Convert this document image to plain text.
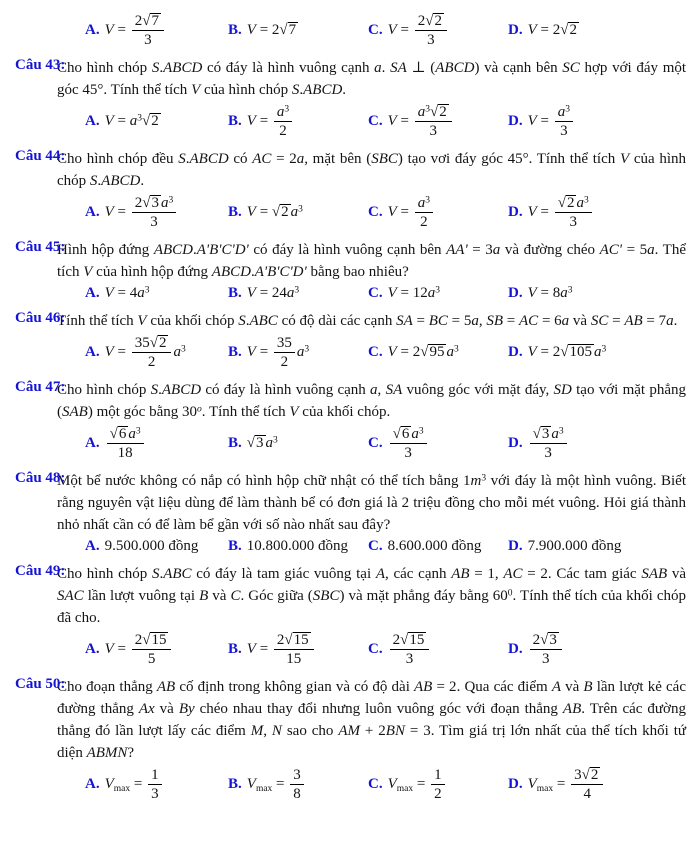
A. $V = \frac{2√7}{3}$	B. V = 2√7	C. $V = \frac{2√2}{3}$	D. V = 2√2
Câu 43:
Cho hình chóp S.ABCD có đáy là hình vuông cạnh a. SA ⊥ (ABCD) và cạnh bên SC hợp với đáy một góc 45°. Tính thể tích V của hình chóp S.ABCD.
A. $V = a^3√2$	B. $V = \frac{a^3}{2}$	C. $V = \frac{a^3√2}{3}$	D. $V = \frac{a^3}{3}$
Câu 44:
Cho hình chóp đều S.ABCD có AC = 2a, mặt bên (SBC) tạo vơi đáy góc 45°. Tính thể tích V của hình chóp S.ABCD.
A. $V = \frac{2√3 a^3}{3}$	B. V = √2 $a^3$	C. $V = \frac{a^3}{2}$	D. $V = \frac{√2 a^3}{3}$
Câu 45:
Hình hộp đứng ABCD.A'B'C'D' có đáy là hình vuông cạnh bên AA' = 3a và đường chéo AC' = 5a. Thể tích V của hình hộp đứng ABCD.A'B'C'D' bằng bao nhiêu?
A. $V = 4a^3$	B. $V = 24a^3$	C. $V = 12a^3$	D. $V = 8a^3$
Câu 46:
Tính thể tích V của khối chóp S.ABC có độ dài các cạnh SA = BC = 5a, SB = AC = 6a và SC = AB = 7a.
A. $V = \frac{35√2}{2} a^3$	B. $V = \frac{35}{2} a^3$	C. V = 2√95 $a^3$	D. V = 2√105 $a^3$
Câu 47:
Cho hình chóp S.ABCD có đáy là hình vuông cạnh a, SA vuông góc với mặt đáy, SD tạo với mặt phẳng (SAB) một góc bằng 30$^o$. Tính thể tích V của khối chóp.
A. $\frac{√6 a^3}{18}$	B. √3 $a^3$	C. $\frac{√6 a^3}{3}$	D. $\frac{√3 a^3}{3}$
Câu 48:
Một bể nước không có nắp có hình hộp chữ nhật có thể tích bằng $1m^3$ với đáy là một hình vuông. Biết rằng nguyên vật liệu dùng để làm thành bể có đơn giá là 2 triệu đồng cho mỗi mét vuông. Hỏi giá thành nhỏ nhất cần có để làm bể gần với số nào nhất sau đây?
A. 9.500.000 đồng	B. 10.800.000 đồng	C. 8.600.000 đồng	D. 7.900.000 đồng
Câu 49:
Cho hình chóp S.ABC có đáy là tam giác vuông tại A, các cạnh AB = 1, AC = 2. Các tam giác SAB và SAC lần lượt vuông tại B và C. Góc giữa (SBC) và mặt phẳng đáy bằng $60^0$. Tính thể tích của khối chóp đã cho.
A. $V = \frac{2√15}{5}$	B. $V = \frac{2√15}{15}$	C. $\frac{2√15}{3}$	D. $\frac{2√3}{3}$
Câu 50:
Cho đoạn thẳng AB cố định trong không gian và có độ dài AB = 2. Qua các điểm A và B lần lượt kẻ các đường thẳng Ax và By chéo nhau thay đổi nhưng luôn vuông góc với đoạn thẳng AB. Trên các đường thẳng đó lần lượt lấy các điểm M, N sao cho AM + 2BN = 3. Tìm giá trị lớn nhất của thể tích khối tứ diện ABMN?
A. $V_{max} = \frac{1}{3}$	B. $V_{max} = \frac{3}{8}$	C. $V_{max} = \frac{1}{2}$	D. $V_{max} = \frac{3√2}{4}$
